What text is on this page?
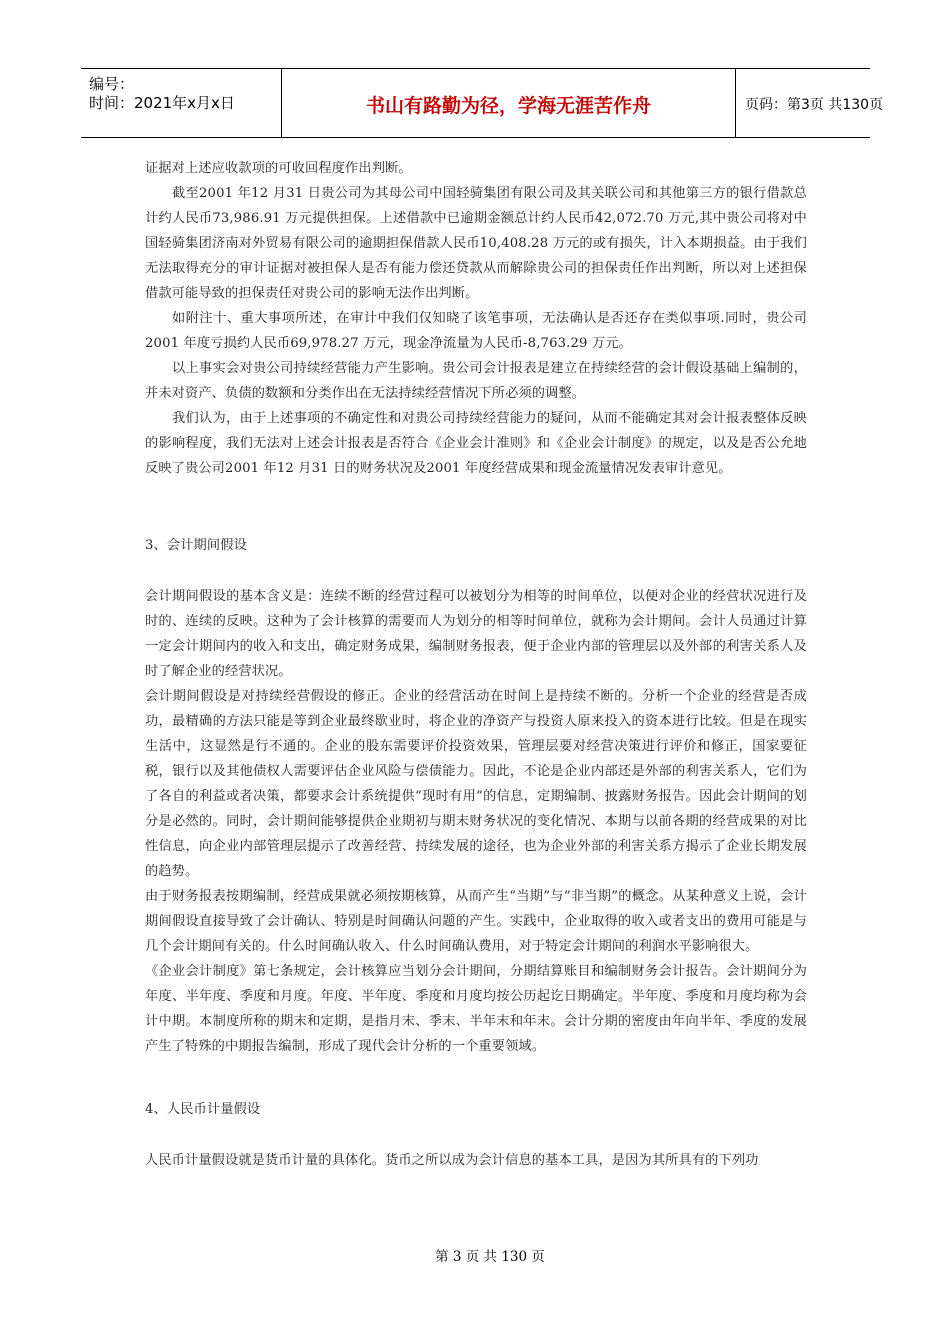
编号：
时间：2021年x月x日	书山有路勤为径，学海无涯苦作舟	页码：第3页 共130页

证据对上述应收款项的可收回程度作出判断。

截至2001 年12 月31 日贵公司为其母公司中国轻骑集团有限公司及其关联公司和其他第三方的银行借款总计约人民币73,986.91 万元提供担保。上述借款中已逾期金额总计约人民币42,072.70 万元,其中贵公司将对中国轻骑集团济南对外贸易有限公司的逾期担保借款人民币10,408.28 万元的或有损失，计入本期损益。由于我们无法取得充分的审计证据对被担保人是否有能力偿还贷款从而解除贵公司的担保责任作出判断，所以对上述担保借款可能导致的担保责任对贵公司的影响无法作出判断。

如附注十、重大事项所述，在审计中我们仅知晓了该笔事项，无法确认是否还存在类似事项.同时，贵公司2001 年度亏损约人民币69,978.27 万元，现金净流量为人民币-8,763.29 万元。

以上事实会对贵公司持续经营能力产生影响。贵公司会计报表是建立在持续经营的会计假设基础上编制的，并未对资产、负债的数额和分类作出在无法持续经营情况下所必须的调整。

我们认为，由于上述事项的不确定性和对贵公司持续经营能力的疑问，从而不能确定其对会计报表整体反映的影响程度，我们无法对上述会计报表是否符合《企业会计准则》和《企业会计制度》的规定，以及是否公允地反映了贵公司2001 年12 月31 日的财务状况及2001 年度经营成果和现金流量情况发表审计意见。

3、会计期间假设

会计期间假设的基本含义是：连续不断的经营过程可以被划分为相等的时间单位，以便对企业的经营状况进行及时的、连续的反映。这种为了会计核算的需要而人为划分的相等时间单位，就称为会计期间。会计人员通过计算一定会计期间内的收入和支出，确定财务成果，编制财务报表，便于企业内部的管理层以及外部的利害关系人及时了解企业的经营状况。

会计期间假设是对持续经营假设的修正。企业的经营活动在时间上是持续不断的。分析一个企业的经营是否成功，最精确的方法只能是等到企业最终歇业时，将企业的净资产与投资人原来投入的资本进行比较。但是在现实生活中，这显然是行不通的。企业的股东需要评价投资效果，管理层要对经营决策进行评价和修正，国家要征税，银行以及其他债权人需要评估企业风险与偿债能力。因此，不论是企业内部还是外部的利害关系人，它们为了各自的利益或者决策，都要求会计系统提供“现时有用”的信息，定期编制、披露财务报告。因此会计期间的划分是必然的。同时，会计期间能够提供企业期初与期末财务状况的变化情况、本期与以前各期的经营成果的对比性信息，向企业内部管理层提示了改善经营、持续发展的途径，也为企业外部的利害关系方揭示了企业长期发展的趋势。

由于财务报表按期编制，经营成果就必须按期核算，从而产生“当期”与“非当期”的概念。从某种意义上说，会计期间假设直接导致了会计确认、特别是时间确认问题的产生。实践中，企业取得的收入或者支出的费用可能是与几个会计期间有关的。什么时间确认收入、什么时间确认费用，对于特定会计期间的利润水平影响很大。

《企业会计制度》第七条规定，会计核算应当划分会计期间，分期结算账目和编制财务会计报告。会计期间分为年度、半年度、季度和月度。年度、半年度、季度和月度均按公历起讫日期确定。半年度、季度和月度均称为会计中期。本制度所称的期末和定期，是指月末、季末、半年末和年末。会计分期的密度由年向半年、季度的发展产生了特殊的中期报告编制，形成了现代会计分析的一个重要领域。

4、人民币计量假设

人民币计量假设就是货币计量的具体化。货币之所以成为会计信息的基本工具，是因为其所具有的下列功

第 3 页 共 130 页
